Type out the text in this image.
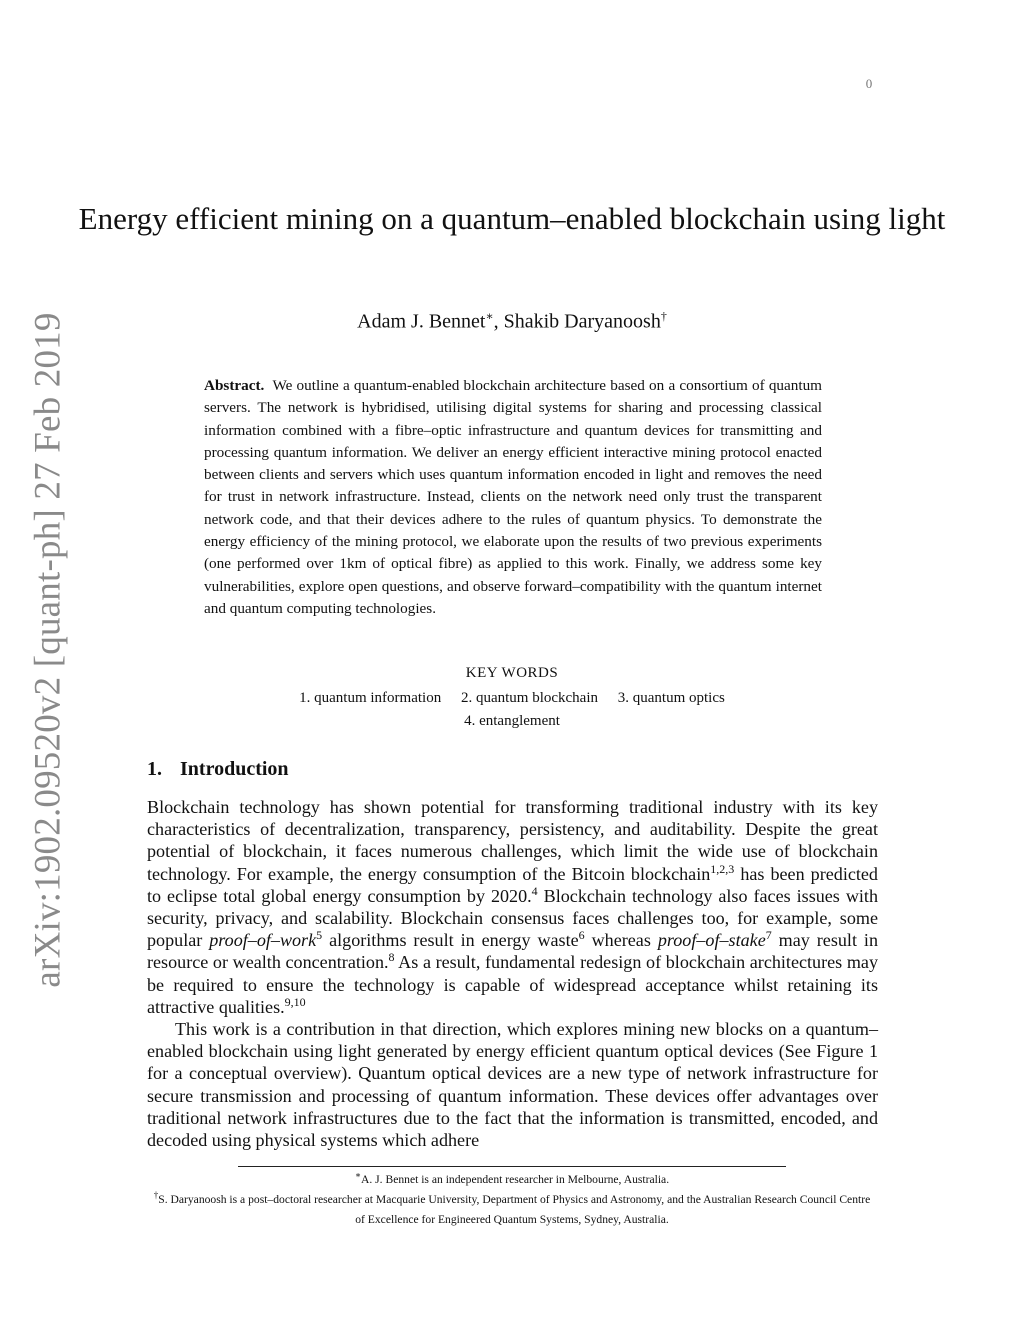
0
arXiv:1902.09520v2 [quant-ph] 27 Feb 2019
Energy efficient mining on a quantum–enabled blockchain using light
Adam J. Bennet∗, Shakib Daryanoosh†
Abstract. We outline a quantum-enabled blockchain architecture based on a consortium of quantum servers. The network is hybridised, utilising digital systems for sharing and processing classical information combined with a fibre–optic infrastructure and quantum devices for transmitting and processing quantum information. We deliver an energy efficient interactive mining protocol enacted between clients and servers which uses quantum information encoded in light and removes the need for trust in network infrastructure. Instead, clients on the network need only trust the transparent network code, and that their devices adhere to the rules of quantum physics. To demonstrate the energy efficiency of the mining protocol, we elaborate upon the results of two previous experiments (one performed over 1km of optical fibre) as applied to this work. Finally, we address some key vulnerabilities, explore open questions, and observe forward–compatibility with the quantum internet and quantum computing technologies.
KEY WORDS
1. quantum information 2. quantum blockchain 3. quantum optics
4. entanglement
1. Introduction

Blockchain technology has shown potential for transforming traditional industry with its key characteristics of decentralization, transparency, persistency, and auditability. Despite the great potential of blockchain, it faces numerous challenges, which limit the wide use of blockchain technology. For example, the energy consumption of the Bitcoin blockchain$^{1,2,3}$ has been predicted to eclipse total global energy consumption by 2020.$^4$ Blockchain technology also faces issues with security, privacy, and scalability. Blockchain consensus faces challenges too, for example, some popular proof–of–work$^5$ algorithms result in energy waste$^6$ whereas proof–of–stake$^7$ may result in resource or wealth concentration.$^8$ As a result, fundamental redesign of blockchain architectures may be required to ensure the technology is capable of widespread acceptance whilst retaining its attractive qualities.$^{9,10}$

This work is a contribution in that direction, which explores mining new blocks on a quantum–enabled blockchain using light generated by energy efficient quantum optical devices (See Figure 1 for a conceptual overview). Quantum optical devices are a new type of network infrastructure for secure transmission and processing of quantum information. These devices offer advantages over traditional network infrastructures due to the fact that the information is transmitted, encoded, and decoded using physical systems which adhere

∗A. J. Bennet is an independent researcher in Melbourne, Australia.
†S. Daryanoosh is a post–doctoral researcher at Macquarie University, Department of Physics and Astronomy, and the Australian Research Council Centre of Excellence for Engineered Quantum Systems, Sydney, Australia.
